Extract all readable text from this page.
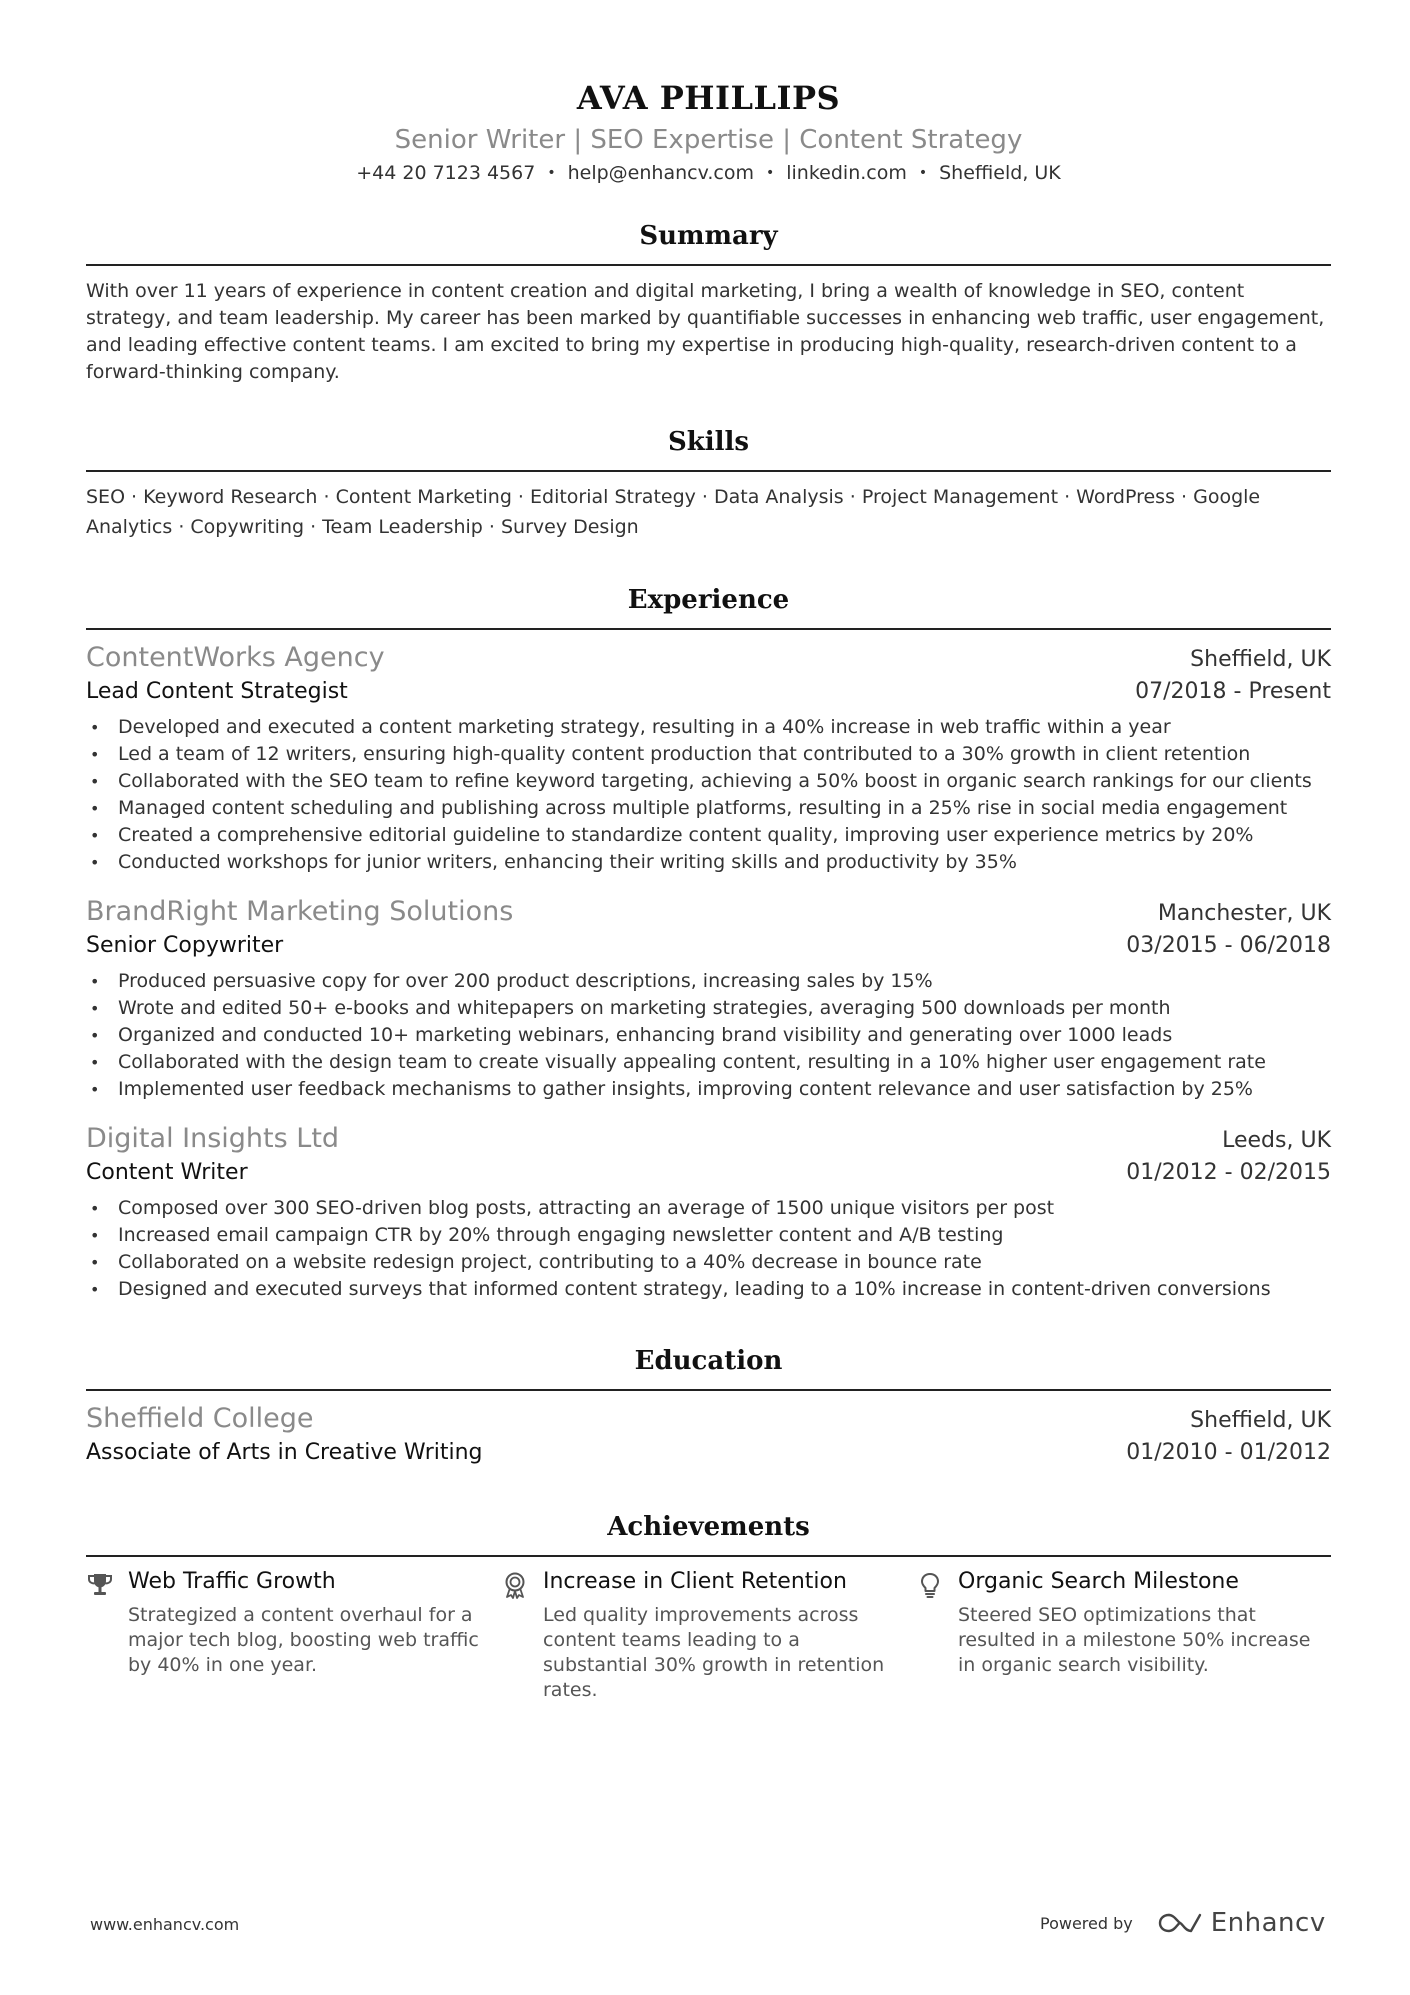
AVA PHILLIPS
Senior Writer | SEO Expertise | Content Strategy
+44 20 7123 4567 • help@enhancv.com • linkedin.com • Sheffield, UK
Summary
With over 11 years of experience in content creation and digital marketing, I bring a wealth of knowledge in SEO, content strategy, and team leadership. My career has been marked by quantifiable successes in enhancing web traffic, user engagement, and leading effective content teams. I am excited to bring my expertise in producing high-quality, research-driven content to a forward-thinking company.
Skills
SEO · Keyword Research · Content Marketing · Editorial Strategy · Data Analysis · Project Management · WordPress · Google Analytics · Copywriting · Team Leadership · Survey Design
Experience
ContentWorks Agency	Sheffield, UK
Lead Content Strategist	07/2018 - Present
• Developed and executed a content marketing strategy, resulting in a 40% increase in web traffic within a year
• Led a team of 12 writers, ensuring high-quality content production that contributed to a 30% growth in client retention
• Collaborated with the SEO team to refine keyword targeting, achieving a 50% boost in organic search rankings for our clients
• Managed content scheduling and publishing across multiple platforms, resulting in a 25% rise in social media engagement
• Created a comprehensive editorial guideline to standardize content quality, improving user experience metrics by 20%
• Conducted workshops for junior writers, enhancing their writing skills and productivity by 35%
BrandRight Marketing Solutions	Manchester, UK
Senior Copywriter	03/2015 - 06/2018
• Produced persuasive copy for over 200 product descriptions, increasing sales by 15%
• Wrote and edited 50+ e-books and whitepapers on marketing strategies, averaging 500 downloads per month
• Organized and conducted 10+ marketing webinars, enhancing brand visibility and generating over 1000 leads
• Collaborated with the design team to create visually appealing content, resulting in a 10% higher user engagement rate
• Implemented user feedback mechanisms to gather insights, improving content relevance and user satisfaction by 25%
Digital Insights Ltd	Leeds, UK
Content Writer	01/2012 - 02/2015
• Composed over 300 SEO-driven blog posts, attracting an average of 1500 unique visitors per post
• Increased email campaign CTR by 20% through engaging newsletter content and A/B testing
• Collaborated on a website redesign project, contributing to a 40% decrease in bounce rate
• Designed and executed surveys that informed content strategy, leading to a 10% increase in content-driven conversions
Education
Sheffield College	Sheffield, UK
Associate of Arts in Creative Writing	01/2010 - 01/2012
Achievements
Web Traffic Growth
Strategized a content overhaul for a major tech blog, boosting web traffic by 40% in one year.
Increase in Client Retention
Led quality improvements across content teams leading to a substantial 30% growth in retention rates.
Organic Search Milestone
Steered SEO optimizations that resulted in a milestone 50% increase in organic search visibility.
www.enhancv.com	Powered by	Enhancv
